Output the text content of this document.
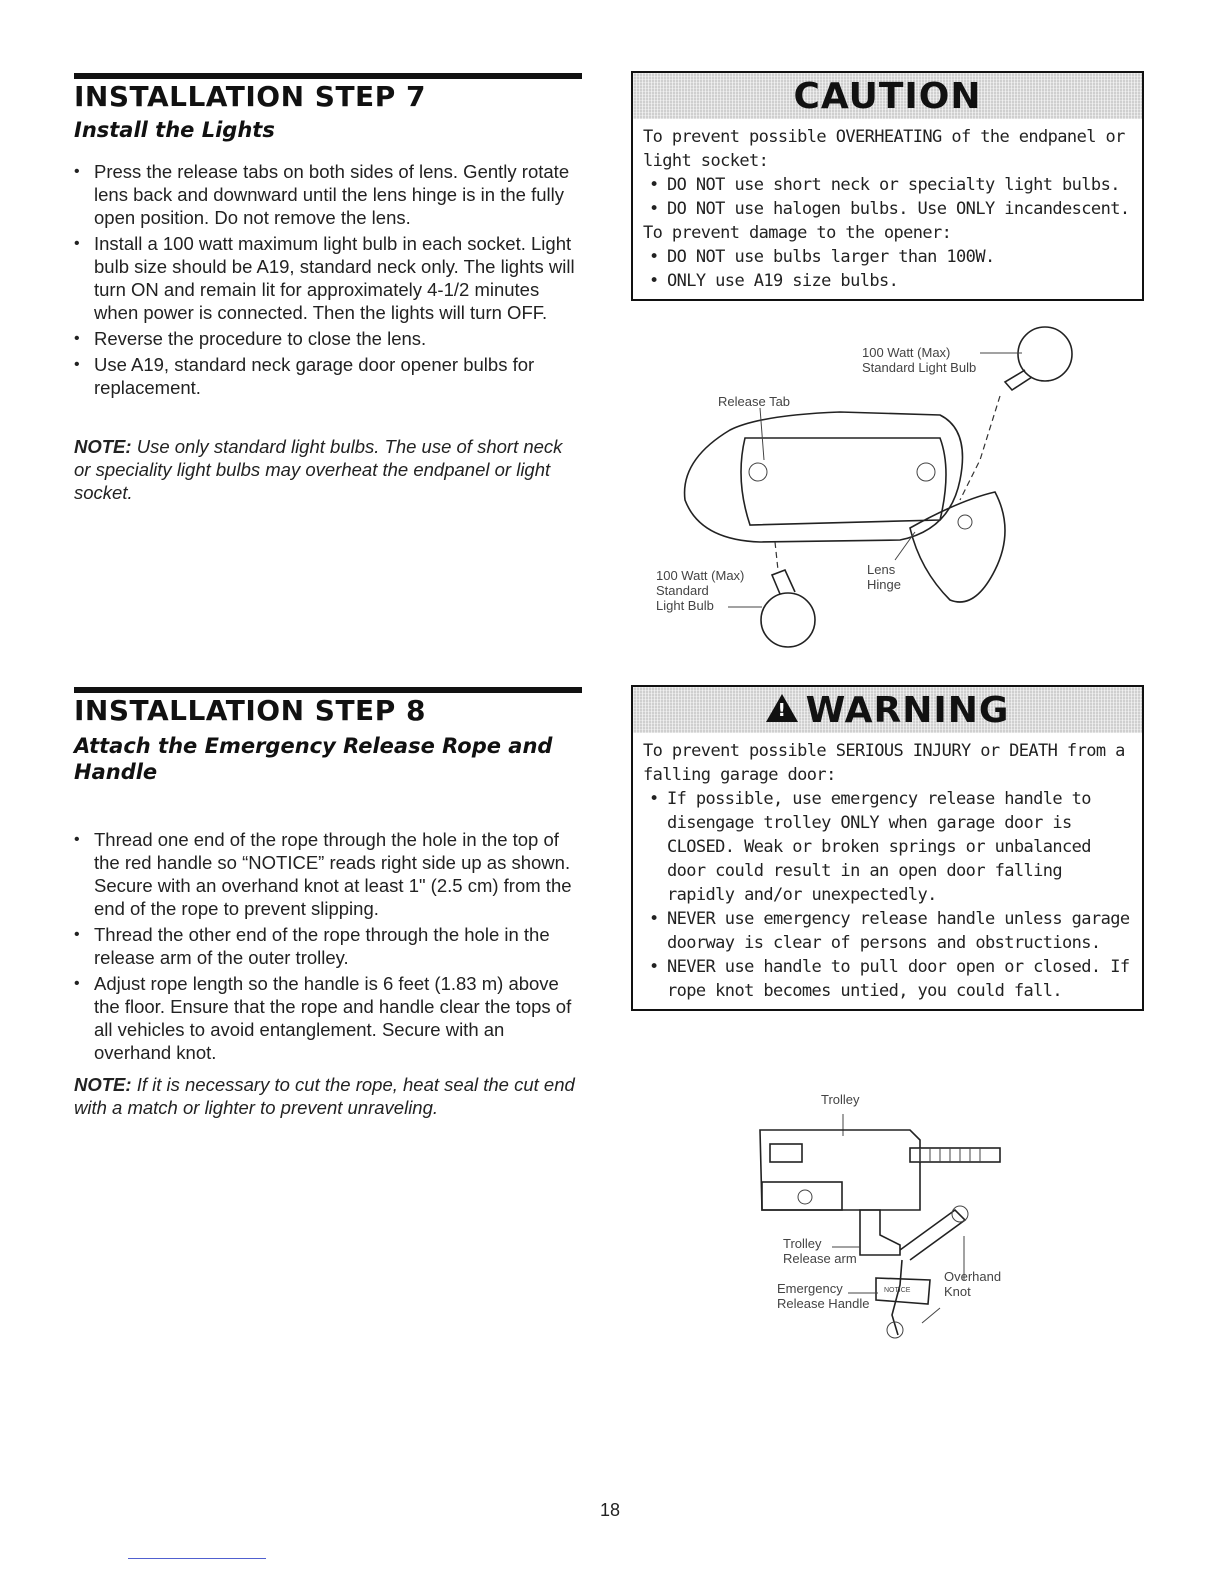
INSTALLATION STEP 7
Install the Lights
• Press the release tabs on both sides of lens. Gently rotate lens back and downward until the lens hinge is in the fully open position. Do not remove the lens.
• Install a 100 watt maximum light bulb in each socket. Light bulb size should be A19, standard neck only. The lights will turn ON and remain lit for approximately 4-1/2 minutes when power is connected. Then the lights will turn OFF.
• Reverse the procedure to close the lens.
• Use A19, standard neck garage door opener bulbs for replacement.
NOTE: Use only standard light bulbs. The use of short neck or speciality light bulbs may overheat the endpanel or light socket.
CAUTION
To prevent possible OVERHEATING of the endpanel or light socket:
• DO NOT use short neck or specialty light bulbs.
• DO NOT use halogen bulbs. Use ONLY incandescent.
To prevent damage to the opener:
• DO NOT use bulbs larger than 100W.
• ONLY use A19 size bulbs.
100 Watt (Max)
Standard Light Bulb
Release Tab
100 Watt (Max)
Standard
Light Bulb
Lens
Hinge
INSTALLATION STEP 8
Attach the Emergency Release Rope and Handle
• Thread one end of the rope through the hole in the top of the red handle so “NOTICE” reads right side up as shown. Secure with an overhand knot at least 1" (2.5 cm) from the end of the rope to prevent slipping.
• Thread the other end of the rope through the hole in the release arm of the outer trolley.
• Adjust rope length so the handle is 6 feet (1.83 m) above the floor. Ensure that the rope and handle clear the tops of all vehicles to avoid entanglement. Secure with an overhand knot.
NOTE: If it is necessary to cut the rope, heat seal the cut end with a match or lighter to prevent unraveling.
!
WARNING
To prevent possible SERIOUS INJURY or DEATH from a falling garage door:
• If possible, use emergency release handle to disengage trolley ONLY when garage door is CLOSED. Weak or broken springs or unbalanced door could result in an open door falling rapidly and/or unexpectedly.
• NEVER use emergency release handle unless garage doorway is clear of persons and obstructions.
• NEVER use handle to pull door open or closed. If rope knot becomes untied, you could fall.
Trolley
Trolley
Release arm
Emergency
Release Handle
NOTICE
Overhand
Knot
18
